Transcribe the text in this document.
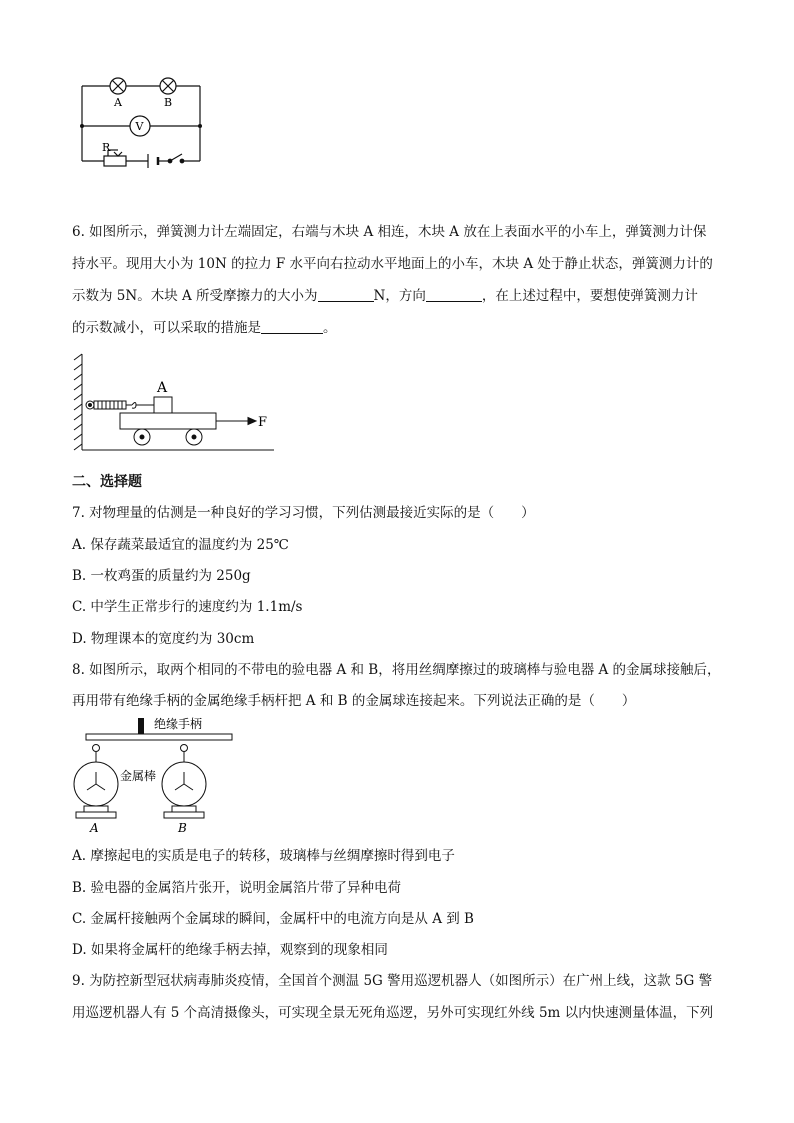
A	B
V
R
6. 如图所示，弹簧测力计左端固定，右端与木块 A 相连，木块 A 放在上表面水平的小车上，弹簧测力计保
持水平。现用大小为 10N 的拉力 F 水平向右拉动水平地面上的小车，木块 A 处于静止状态，弹簧测力计的
示数为 5N。木块 A 所受摩擦力的大小为	N，方向	，在上述过程中，要想使弹簧测力计
的示数减小，可以采取的措施是	。
A
F
二、选择题
7. 对物理量的估测是一种良好的学习习惯，下列估测最接近实际的是（　　）
A. 保存蔬菜最适宜的温度约为 25℃
B. 一枚鸡蛋的质量约为 250g
C. 中学生正常步行的速度约为 1.1m/s
D. 物理课本的宽度约为 30cm
8. 如图所示，取两个相同的不带电的验电器 A 和 B，将用丝绸摩擦过的玻璃棒与验电器 A 的金属球接触后，
再用带有绝缘手柄的金属绝缘手柄杆把 A 和 B 的金属球连接起来。下列说法正确的是（　　）
绝缘手柄
A
金属棒
B
A. 摩擦起电的实质是电子的转移，玻璃棒与丝绸摩擦时得到电子
B. 验电器的金属箔片张开，说明金属箔片带了异种电荷
C. 金属杆接触两个金属球的瞬间，金属杆中的电流方向是从 A 到 B
D. 如果将金属杆的绝缘手柄去掉，观察到的现象相同
9. 为防控新型冠状病毒肺炎疫情，全国首个测温 5G 警用巡逻机器人（如图所示）在广州上线，这款 5G 警
用巡逻机器人有 5 个高清摄像头，可实现全景无死角巡逻，另外可实现红外线 5m 以内快速测量体温，下列
